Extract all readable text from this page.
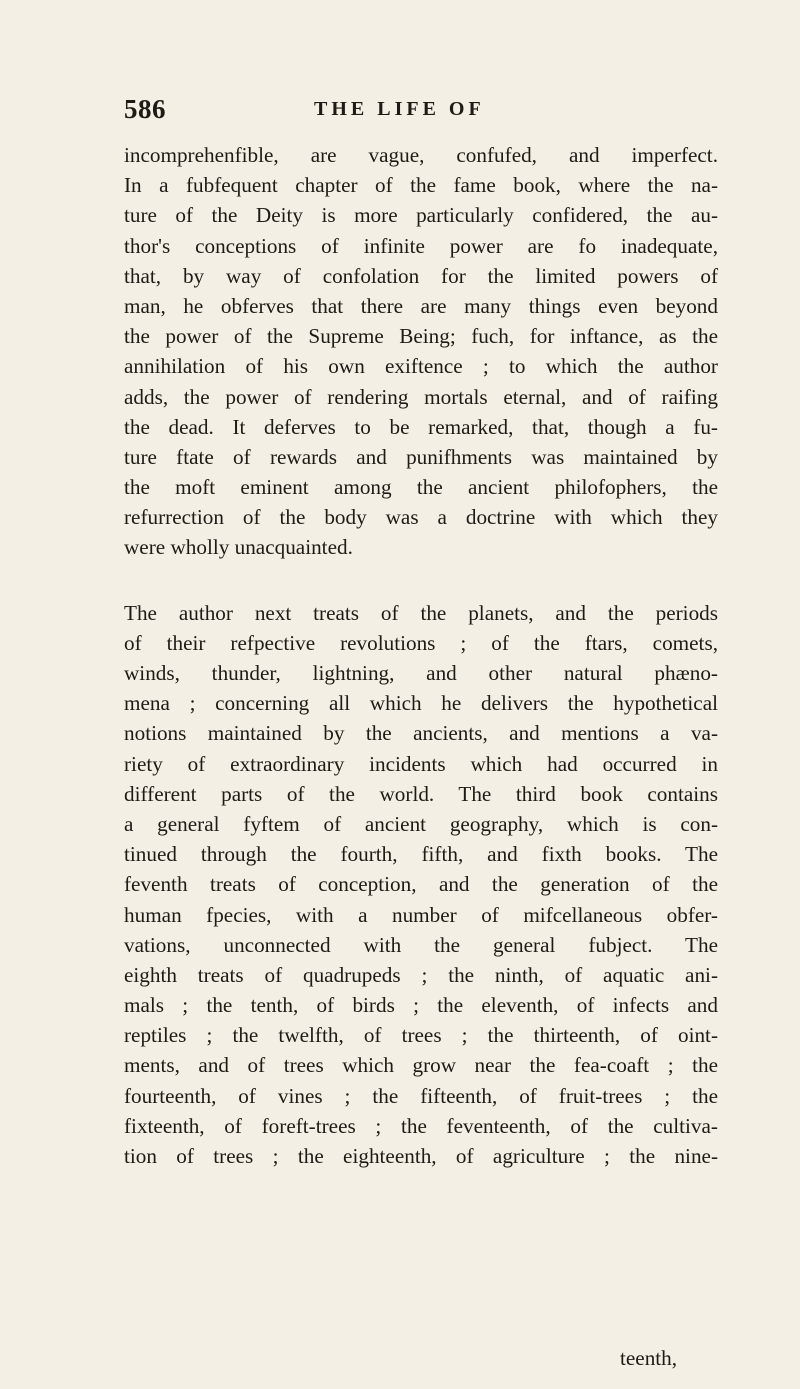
586	THE LIFE OF
incomprehenfible, are vague, confufed, and imperfect.
In a fubfequent chapter of the fame book, where the na-
ture of the Deity is more particularly confidered, the au-
thor's conceptions of infinite power are fo inadequate,
that, by way of confolation for the limited powers of
man, he obferves that there are many things even beyond
the power of the Supreme Being; fuch, for inftance, as the
annihilation of his own exiftence ; to which the author
adds, the power of rendering mortals eternal, and of raifing
the dead. It deferves to be remarked, that, though a fu-
ture ftate of rewards and punifhments was maintained by
the moft eminent among the ancient philofophers, the
refurrection of the body was a doctrine with which they
were wholly unacquainted.
The author next treats of the planets, and the periods
of their refpective revolutions ; of the ftars, comets,
winds, thunder, lightning, and other natural phæno-
mena ; concerning all which he delivers the hypothetical
notions maintained by the ancients, and mentions a va-
riety of extraordinary incidents which had occurred in
different parts of the world. The third book contains
a general fyftem of ancient geography, which is con-
tinued through the fourth, fifth, and fixth books. The
feventh treats of conception, and the generation of the
human fpecies, with a number of mifcellaneous obfer-
vations, unconnected with the general fubject. The
eighth treats of quadrupeds ; the ninth, of aquatic ani-
mals ; the tenth, of birds ; the eleventh, of infects and
reptiles ; the twelfth, of trees ; the thirteenth, of oint-
ments, and of trees which grow near the fea-coaft ; the
fourteenth, of vines ; the fifteenth, of fruit-trees ; the
fixteenth, of foreft-trees ; the feventeenth, of the cultiva-
tion of trees ; the eighteenth, of agriculture ; the nine-
teenth,
